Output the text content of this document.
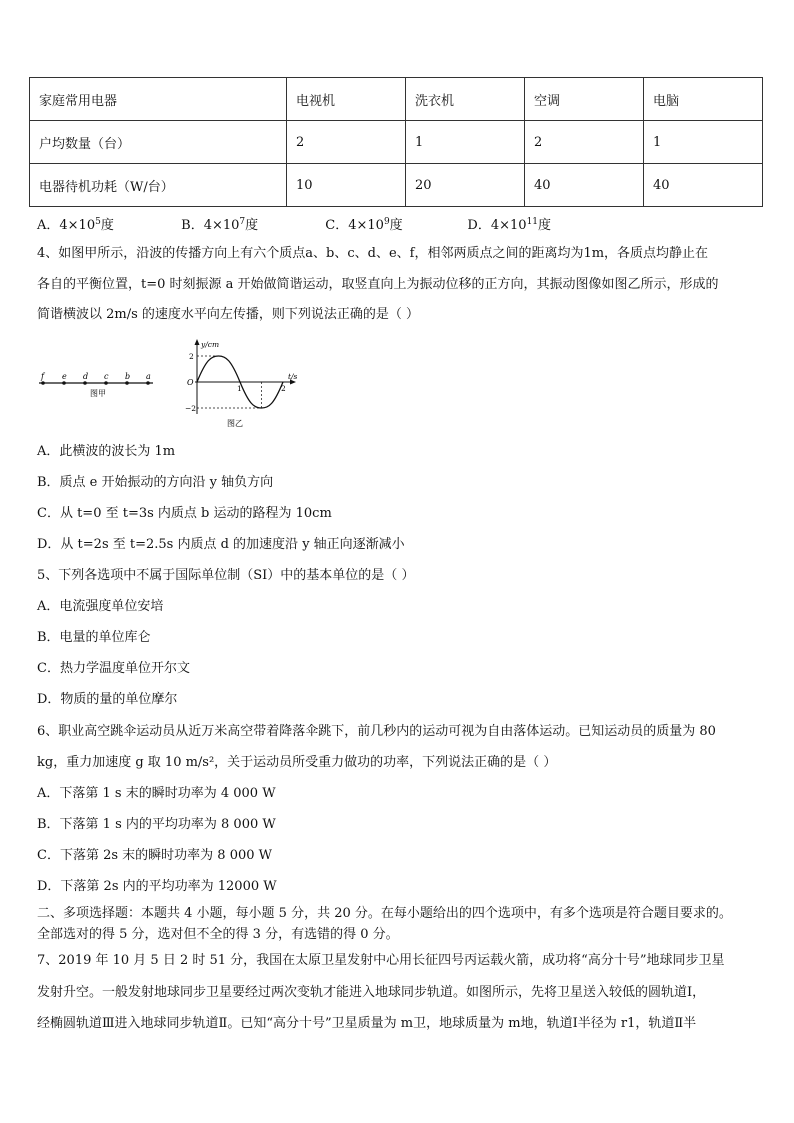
家庭常用电器	电视机	洗衣机	空调	电脑
户均数量（台）	2	1	2	1
电器待机功耗（W/台）	10	20	40	40
A．$4\times 10^5$度	B．$4\times 10^7$度	C．$4\times 10^9$度	D．$4\times 10^{11}$度
4、如图甲所示，沿波的传播方向上有六个质点a、b、c、d、e、f，相邻两质点之间的距离均为1m，各质点均静止在
各自的平衡位置，t=0 时刻振源 a 开始做简谐运动，取竖直向上为振动位移的正方向，其振动图像如图乙所示，形成的
简谐横波以 2m/s 的速度水平向左传播，则下列说法正确的是（ ）
f e d c b a
图甲
y/cm
t/s
O
2
−2
1	2
图乙
A．此横波的波长为 1m
B．质点 e 开始振动的方向沿 y 轴负方向
C．从 t=0 至 t=3s 内质点 b 运动的路程为 10cm
D．从 t=2s 至 t=2.5s 内质点 d 的加速度沿 y 轴正向逐渐减小
5、下列各选项中不属于国际单位制（SI）中的基本单位的是（ ）
A．电流强度单位安培
B．电量的单位库仑
C．热力学温度单位开尔文
D．物质的量的单位摩尔
6、职业高空跳伞运动员从近万米高空带着降落伞跳下，前几秒内的运动可视为自由落体运动。已知运动员的质量为 80
kg，重力加速度 g 取 10 m/s²，关于运动员所受重力做功的功率，下列说法正确的是（ ）
A．下落第 1 s 末的瞬时功率为 4 000 W
B．下落第 1 s 内的平均功率为 8 000 W
C．下落第 2s 末的瞬时功率为 8 000 W
D．下落第 2s 内的平均功率为 12000 W
二、多项选择题：本题共 4 小题，每小题 5 分，共 20 分。在每小题给出的四个选项中，有多个选项是符合题目要求的。
全部选对的得 5 分，选对但不全的得 3 分，有选错的得 0 分。
7、2019 年 10 月 5 日 2 时 51 分，我国在太原卫星发射中心用长征四号丙运载火箭，成功将“高分十号”地球同步卫星
发射升空。一般发射地球同步卫星要经过两次变轨才能进入地球同步轨道。如图所示，先将卫星送入较低的圆轨道Ⅰ，
经椭圆轨道Ⅲ进入地球同步轨道Ⅱ。已知“高分十号”卫星质量为 m卫，地球质量为 m地，轨道Ⅰ半径为 r1，轨道Ⅱ半
